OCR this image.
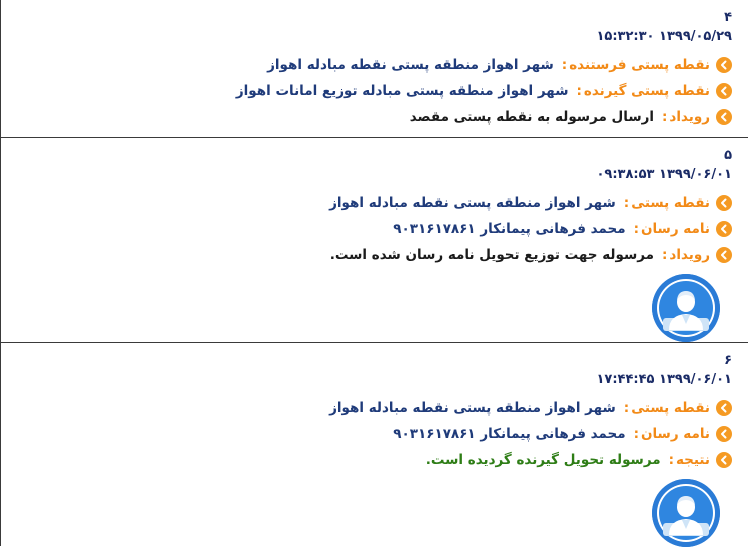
۴
۱۵:۳۲:۳۰ ۱۳۹۹/۰۵/۲۹
نقطه پستی فرستنده
:
شهر اهواز منطقه پستی نقطه مبادله اهواز
نقطه پستی گیرنده
:
شهر اهواز منطقه پستی مبادله توزیع امانات اهواز
رویداد
:
ارسال مرسوله به نقطه پستی مقصد
۵
۰۹:۳۸:۵۳ ۱۳۹۹/۰۶/۰۱
نقطه پستی
:
شهر اهواز منطقه پستی نقطه مبادله اهواز
نامه رسان
:
محمد فرهانی پیمانکار ۹۰۳۱۶۱۷۸۶۱
رویداد
:
مرسوله جهت توزیع تحویل نامه رسان شده است.
۶
۱۷:۴۴:۴۵ ۱۳۹۹/۰۶/۰۱
نقطه پستی
:
شهر اهواز منطقه پستی نقطه مبادله اهواز
نامه رسان
:
محمد فرهانی پیمانکار ۹۰۳۱۶۱۷۸۶۱
نتیجه
:
مرسوله تحویل گیرنده گردیده است.
